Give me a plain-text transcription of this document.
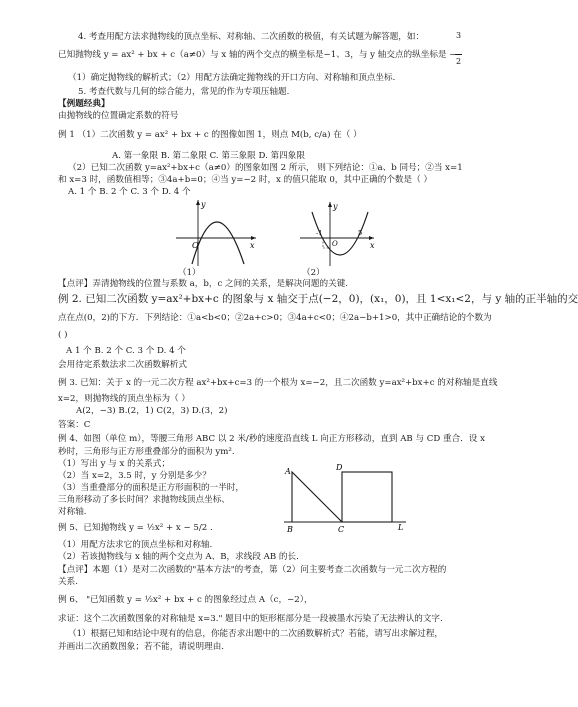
4. 考查用配方法求抛物线的顶点坐标、对称轴、二次函数的极值，有关试题为解答题，如：	3
已知抛物线 y = ax² + bx + c（a≠0）与 x 轴的两个交点的横坐标是−1、3，与 y 轴交点的纵坐标是 −
2
（1）确定抛物线的解析式；（2）用配方法确定抛物线的开口方向、对称轴和顶点坐标.
5. 考查代数与几何的综合能力，常见的作为专项压轴题.
【例题经典】
由抛物线的位置确定系数的符号
例 1 （1）二次函数 y = ax² + bx + c 的图像如图 1，则点 M(b, c/a) 在（ ）
A. 第一象限 B. 第二象限 C. 第三象限 D. 第四象限
（2）已知二次函数 y=ax²+bx+c（a≠0）的图象如图 2 所示， 则下列结论：①a、b 同号；②当 x=1
和 x=3 时，函数值相等；③4a+b=0；④当 y=−2 时，x 的值只能取 0，其中正确的个数是（ ）
A. 1 个 B. 2 个 C. 3 个 D. 4 个
O	x
y
O
-1	5
x
y
（1）	（2）
【点评】弄清抛物线的位置与系数 a，b，c 之间的关系，是解决问题的关键.
例 2. 已知二次函数 y=ax²+bx+c 的图象与 x 轴交于点(−2，0)，(x₁，0)，且 1<x₁<2，与 y 轴的正半轴的交
点在点(0，2)的下方．下列结论：①a<b<0；②2a+c>0；③4a+c<0；④2a−b+1>0，其中正确结论的个数为
( )
A 1 个 B. 2 个 C. 3 个 D. 4 个
会用待定系数法求二次函数解析式
例 3. 已知：关于 x 的一元二次方程 ax²+bx+c=3 的一个根为 x=−2，且二次函数 y=ax²+bx+c 的对称轴是直线
x=2，则抛物线的顶点坐标为（ ）
A(2，−3) B.(2，1) C(2，3) D.(3，2)
答案：C
例 4、如图（单位 m），等腰三角形 ABC 以 2 米/秒的速度沿直线 L 向正方形移动，直到 AB 与 CD 重合．设 x
秒时，三角形与正方形重叠部分的面积为 ym².
（1）写出 y 与 x 的关系式；
（2）当 x=2，3.5 时，y 分别是多少？
（3）当重叠部分的面积是正方形面积的一半时，
三角形移动了多长时间？求抛物线顶点坐标、
对称轴.
A
B	C
D
L
例 5、已知抛物线 y = ½x² + x − 5/2 .
（1）用配方法求它的顶点坐标和对称轴.
（2）若该抛物线与 x 轴的两个交点为 A、B，求线段 AB 的长.
【点评】本题（1）是对二次函数的"基本方法"的考查，第（2）问主要考查二次函数与一元二次方程的
关系.
例 6、 "已知函数 y = ½x² + bx + c 的图象经过点 A（c，−2），
求证：这个二次函数图象的对称轴是 x=3." 题目中的矩形框部分是一段被墨水污染了无法辨认的文字.
（1）根据已知和结论中现有的信息，你能否求出题中的二次函数解析式？若能，请写出求解过程，
并画出二次函数图象；若不能，请说明理由.
